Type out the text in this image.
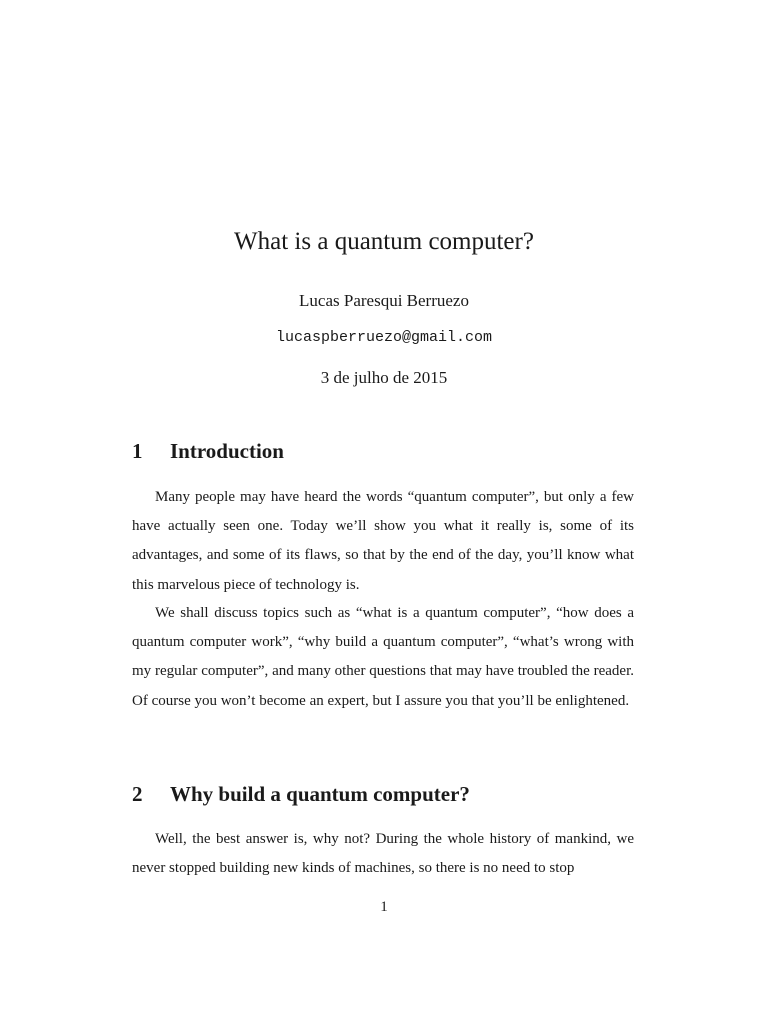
What is a quantum computer?
Lucas Paresqui Berruezo
lucaspberruezo@gmail.com
3 de julho de 2015
1 Introduction

Many people may have heard the words “quantum computer”, but only a few have actually seen one. Today we’ll show you what it really is, some of its advantages, and some of its flaws, so that by the end of the day, you’ll know what this marvelous piece of technology is.

We shall discuss topics such as “what is a quantum computer”, “how does a quantum computer work”, “why build a quantum computer”, “what’s wrong with my regular computer”, and many other questions that may have troubled the reader. Of course you won’t become an expert, but I assure you that you’ll be enlightened.

2 Why build a quantum computer?

Well, the best answer is, why not? During the whole history of mankind, we never stopped building new kinds of machines, so there is no need to stop

1
